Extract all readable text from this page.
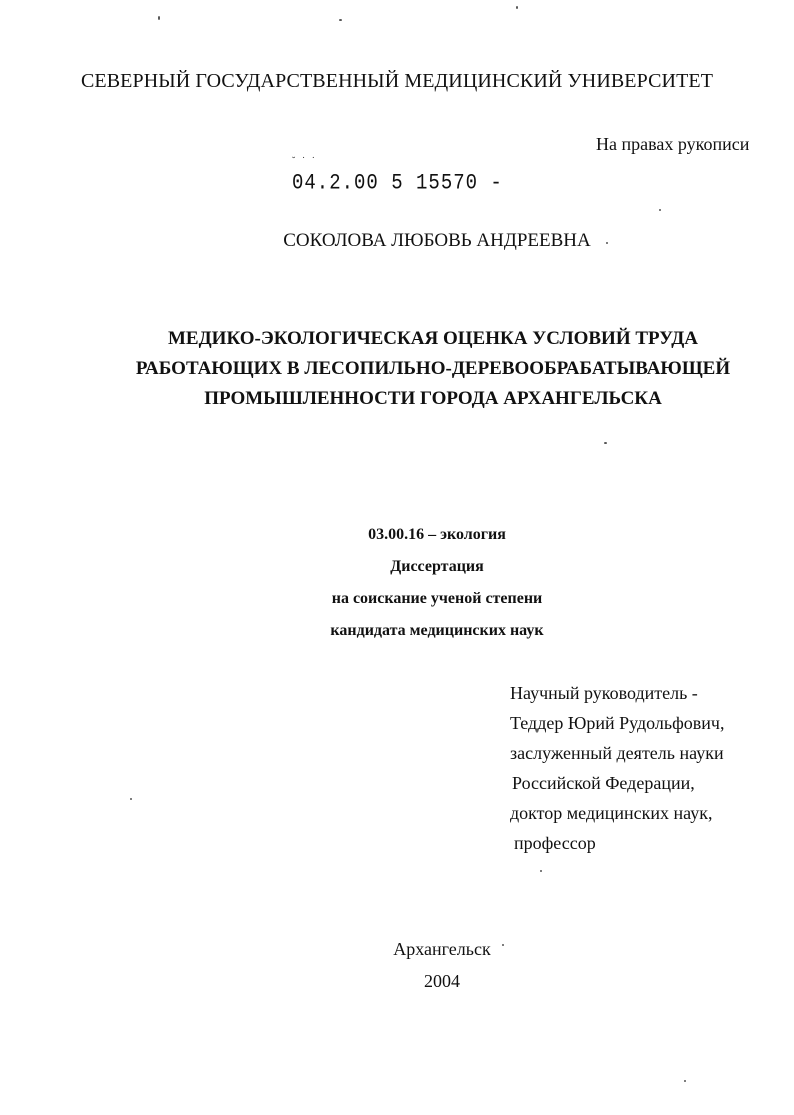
СЕВЕРНЫЙ ГОСУДАРСТВЕННЫЙ МЕДИЦИНСКИЙ УНИВЕРСИТЕТ
На правах рукописи
˘ ˙ ˙
04.2.00 5 15570 -
СОКОЛОВА ЛЮБОВЬ АНДРЕЕВНА
МЕДИКО-ЭКОЛОГИЧЕСКАЯ ОЦЕНКА УСЛОВИЙ ТРУДА
РАБОТАЮЩИХ В ЛЕСОПИЛЬНО-ДЕРЕВООБРАБАТЫВАЮЩЕЙ
ПРОМЫШЛЕННОСТИ ГОРОДА АРХАНГЕЛЬСКА
03.00.16 – экология
Диссертация
на соискание ученой степени
кандидата медицинских наук
Научный руководитель -
Теддер Юрий Рудольфович,
заслуженный деятель науки
Российской Федерации,
доктор медицинских наук,
профессор
Архангельск
2004
